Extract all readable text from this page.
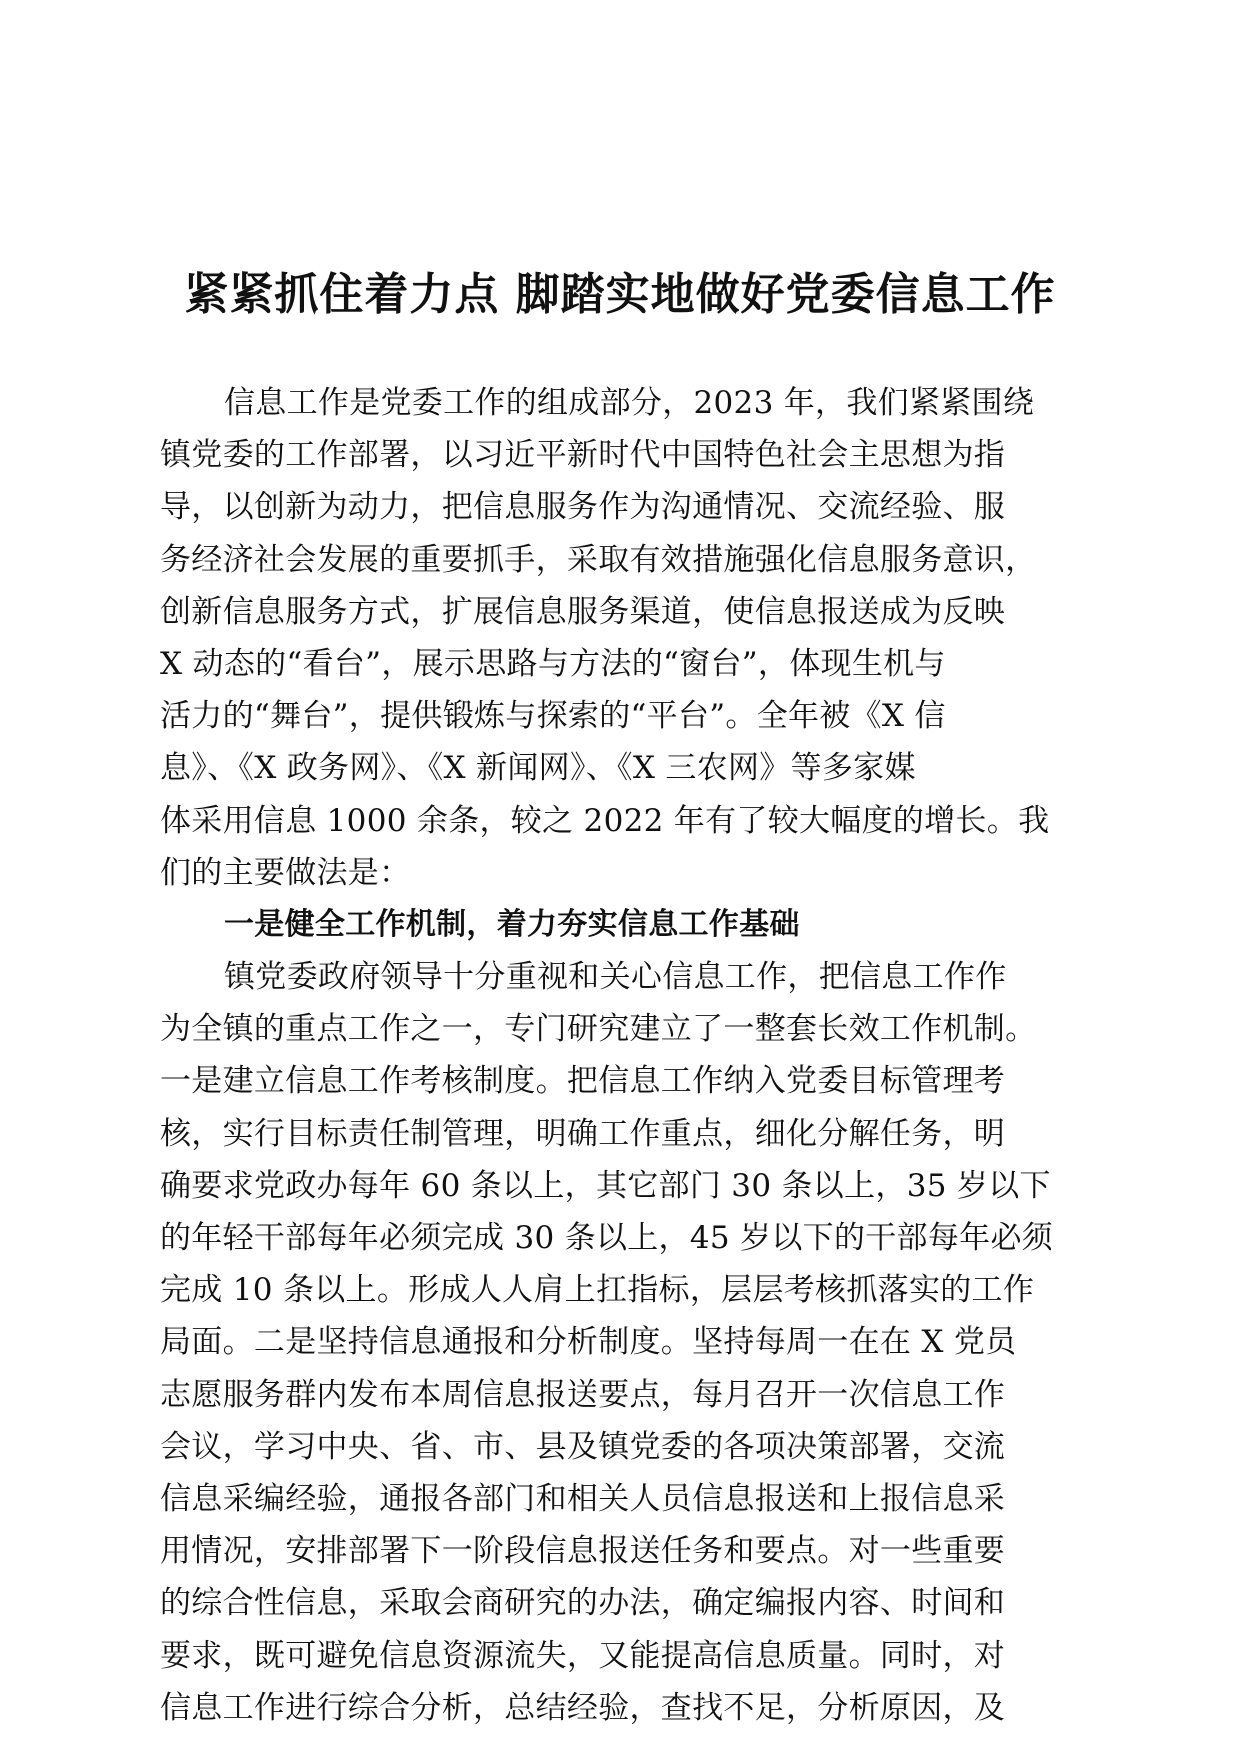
紧紧抓住着力点 脚踏实地做好党委信息工作
信息工作是党委工作的组成部分，2023 年，我们紧紧围绕
镇党委的工作部署，以习近平新时代中国特色社会主思想为指
导，以创新为动力，把信息服务作为沟通情况、交流经验、服
务经济社会发展的重要抓手，采取有效措施强化信息服务意识，
创新信息服务方式，扩展信息服务渠道，使信息报送成为反映
X 动态的“看台”，展示思路与方法的“窗台”，体现生机与
活力的“舞台”，提供锻炼与探索的“平台”。全年被《X 信
息》、《X 政务网》、《X 新闻网》、《X 三农网》等多家媒
体采用信息 1000 余条，较之 2022 年有了较大幅度的增长。我
们的主要做法是：
一是健全工作机制，着力夯实信息工作基础
镇党委政府领导十分重视和关心信息工作，把信息工作作
为全镇的重点工作之一，专门研究建立了一整套长效工作机制。
一是建立信息工作考核制度。把信息工作纳入党委目标管理考
核，实行目标责任制管理，明确工作重点，细化分解任务，明
确要求党政办每年 60 条以上，其它部门 30 条以上，35 岁以下
的年轻干部每年必须完成 30 条以上，45 岁以下的干部每年必须
完成 10 条以上。形成人人肩上扛指标，层层考核抓落实的工作
局面。二是坚持信息通报和分析制度。坚持每周一在在 X 党员
志愿服务群内发布本周信息报送要点，每月召开一次信息工作
会议，学习中央、省、市、县及镇党委的各项决策部署，交流
信息采编经验，通报各部门和相关人员信息报送和上报信息采
用情况，安排部署下一阶段信息报送任务和要点。对一些重要
的综合性信息，采取会商研究的办法，确定编报内容、时间和
要求，既可避免信息资源流失，又能提高信息质量。同时，对
信息工作进行综合分析，总结经验，查找不足，分析原因，及
